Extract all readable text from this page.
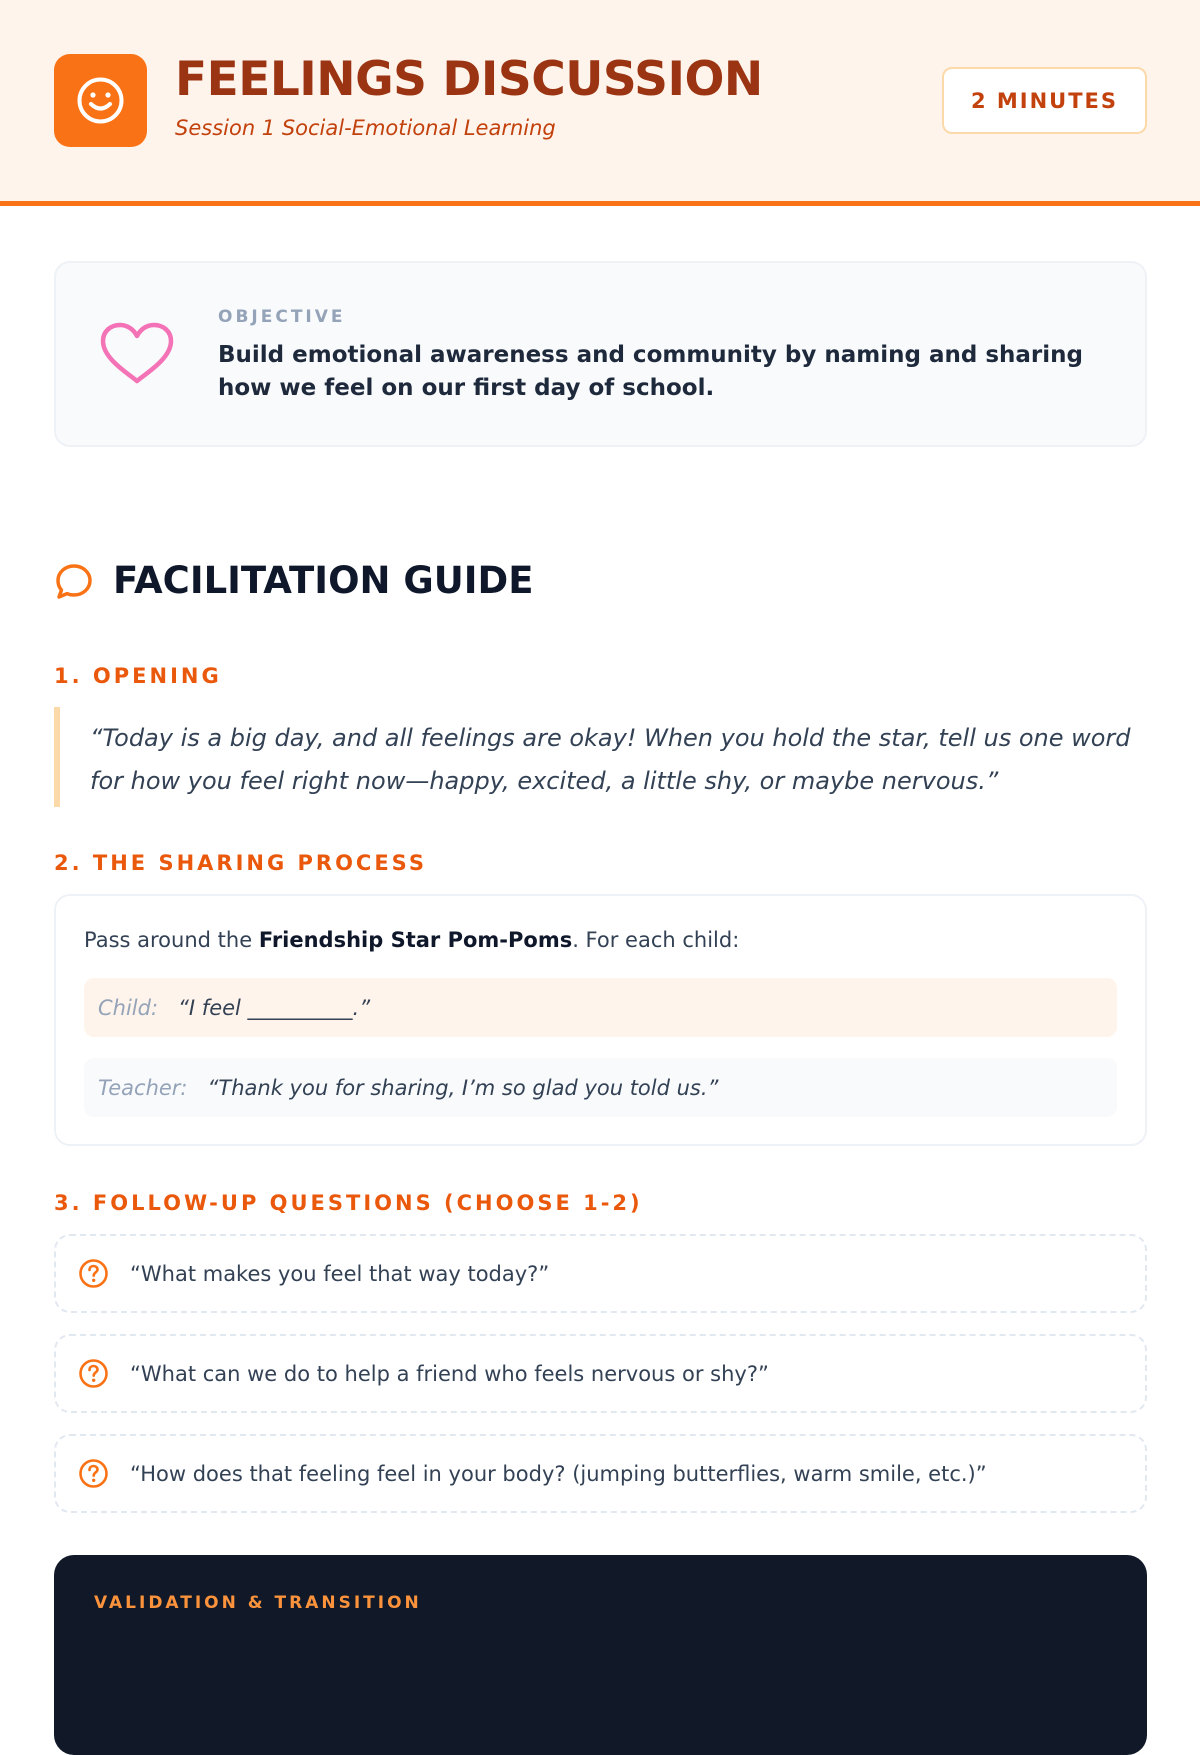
FEELINGS DISCUSSION
Session 1 Social-Emotional Learning
2 MINUTES
OBJECTIVE
Build emotional awareness and community by naming and sharing how we feel on our first day of school.
FACILITATION GUIDE
1. OPENING
“Today is a big day, and all feelings are okay! When you hold the star, tell us one word for how you feel right now—happy, excited, a little shy, or maybe nervous.”
2. THE SHARING PROCESS
Pass around the Friendship Star Pom-Poms. For each child:
Child: “I feel __________.”
Teacher: “Thank you for sharing, I’m so glad you told us.”
3. FOLLOW-UP QUESTIONS (CHOOSE 1-2)
“What makes you feel that way today?”
“What can we do to help a friend who feels nervous or shy?”
“How does that feeling feel in your body? (jumping butterflies, warm smile, etc.)”
VALIDATION & TRANSITION
